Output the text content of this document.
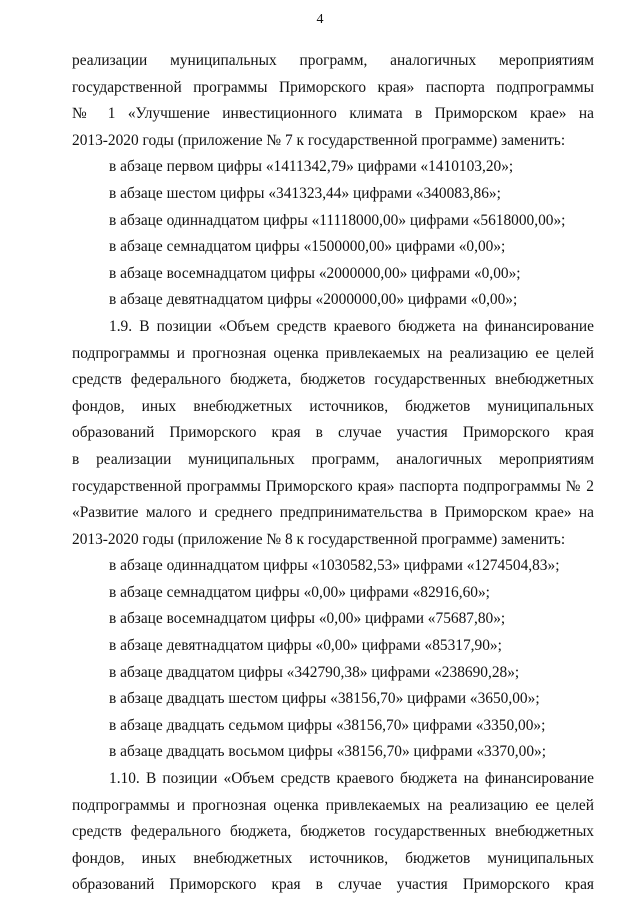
4
реализации муниципальных программ, аналогичных мероприятиям
государственной программы Приморского края» паспорта подпрограммы
№ 1 «Улучшение инвестиционного климата в Приморском крае» на
2013-2020 годы (приложение № 7 к государственной программе) заменить:
в абзаце первом цифры «1411342,79» цифрами «1410103,20»;
в абзаце шестом цифры «341323,44» цифрами «340083,86»;
в абзаце одиннадцатом цифры «11118000,00» цифрами «5618000,00»;
в абзаце семнадцатом цифры «1500000,00» цифрами «0,00»;
в абзаце восемнадцатом цифры «2000000,00» цифрами «0,00»;
в абзаце девятнадцатом цифры «2000000,00» цифрами «0,00»;
1.9. В позиции «Объем средств краевого бюджета на финансирование
подпрограммы и прогнозная оценка привлекаемых на реализацию ее целей
средств федерального бюджета, бюджетов государственных внебюджетных
фондов, иных внебюджетных источников, бюджетов муниципальных
образований Приморского края в случае участия Приморского края
в реализации муниципальных программ, аналогичных мероприятиям
государственной программы Приморского края» паспорта подпрограммы № 2
«Развитие малого и среднего предпринимательства в Приморском крае» на
2013-2020 годы (приложение № 8 к государственной программе) заменить:
в абзаце одиннадцатом цифры «1030582,53» цифрами «1274504,83»;
в абзаце семнадцатом цифры «0,00» цифрами «82916,60»;
в абзаце восемнадцатом цифры «0,00» цифрами «75687,80»;
в абзаце девятнадцатом цифры «0,00» цифрами «85317,90»;
в абзаце двадцатом цифры «342790,38» цифрами «238690,28»;
в абзаце двадцать шестом цифры «38156,70» цифрами «3650,00»;
в абзаце двадцать седьмом цифры «38156,70» цифрами «3350,00»;
в абзаце двадцать восьмом цифры «38156,70» цифрами «3370,00»;
1.10. В позиции «Объем средств краевого бюджета на финансирование
подпрограммы и прогнозная оценка привлекаемых на реализацию ее целей
средств федерального бюджета, бюджетов государственных внебюджетных
фондов, иных внебюджетных источников, бюджетов муниципальных
образований Приморского края в случае участия Приморского края
